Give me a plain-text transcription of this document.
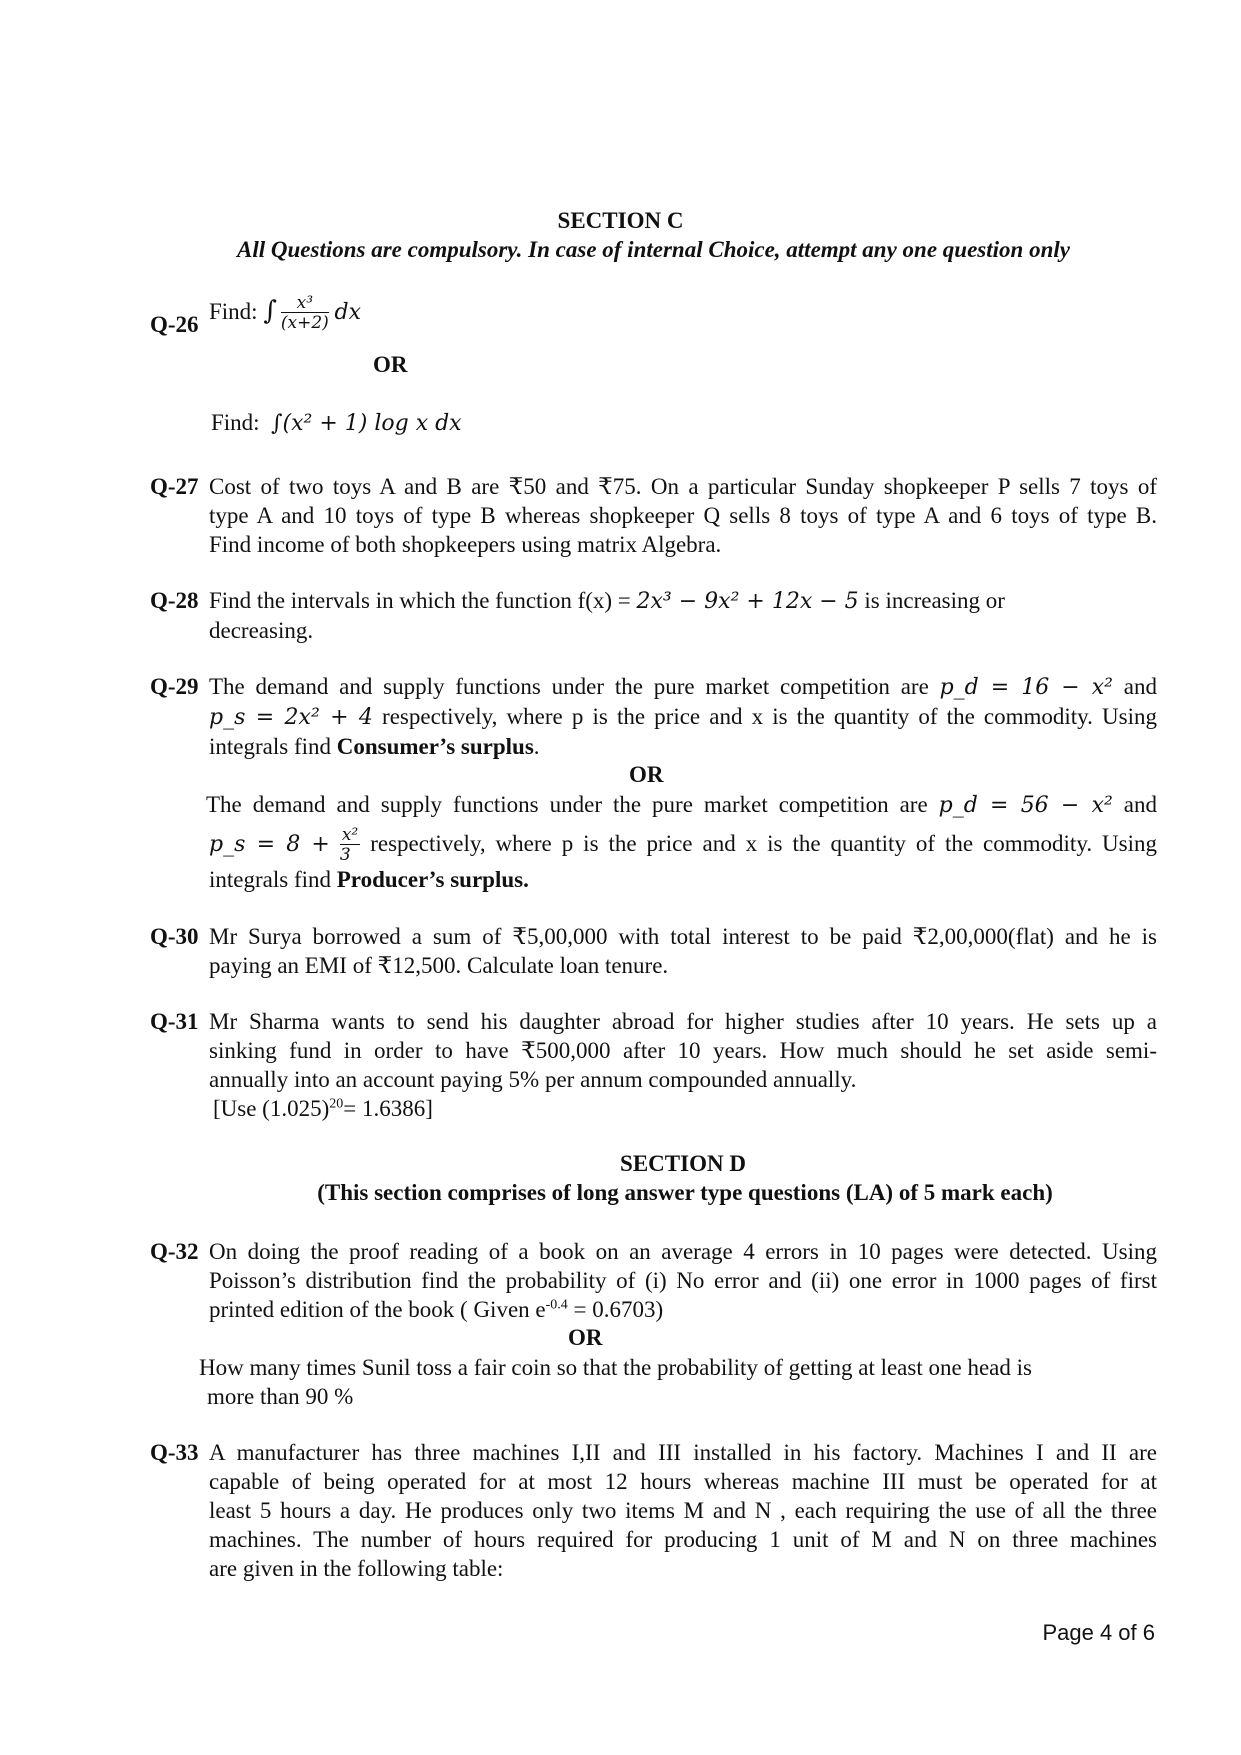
SECTION C
All Questions are compulsory. In case of internal Choice, attempt any one question only
Q-26
Find: ∫ $\frac{\text{x³}}{(x+2)}$ dx
OR
Find: ∫(x² + 1) log x dx
Q-27 Cost of two toys A and B are ₹50 and ₹75. On a particular Sunday shopkeeper P sells 7 toys of
type A and 10 toys of type B whereas shopkeeper Q sells 8 toys of type A and 6 toys of type B.
Find income of both shopkeepers using matrix Algebra.
Q-28 Find the intervals in which the function f(x) = 2x³ − 9x² + 12x − 5 is increasing or
decreasing.
Q-29 The demand and supply functions under the pure market competition are p_d = 16 − x² and
p_s = 2x² + 4 respectively, where p is the price and x is the quantity of the commodity. Using
integrals find Consumer’s surplus.
OR
The demand and supply functions under the pure market competition are p_d = 56 − x² and
p_s = $8 + \frac{\text{x²}}{3}$ respectively, where p is the price and x is the quantity of the commodity. Using
integrals find Producer’s surplus.
Q-30 Mr Surya borrowed a sum of ₹5,00,000 with total interest to be paid ₹2,00,000(flat) and he is
paying an EMI of ₹12,500. Calculate loan tenure.
Q-31 Mr Sharma wants to send his daughter abroad for higher studies after 10 years. He sets up a
sinking fund in order to have ₹500,000 after 10 years. How much should he set aside semi-
annually into an account paying 5% per annum compounded annually.
[Use $(1.025)^{20}= 1.6386$]
SECTION D
(This section comprises of long answer type questions (LA) of 5 mark each)
Q-32 On doing the proof reading of a book on an average 4 errors in 10 pages were detected. Using
Poisson’s distribution find the probability of (i) No error and (ii) one error in 1000 pages of first
printed edition of the book ( Given $e^{-0.4} = 0.6703$)
OR
How many times Sunil toss a fair coin so that the probability of getting at least one head is
more than 90 %
Q-33 A manufacturer has three machines I,II and III installed in his factory. Machines I and II are
capable of being operated for at most 12 hours whereas machine III must be operated for at
least 5 hours a day. He produces only two items M and N , each requiring the use of all the three
machines. The number of hours required for producing 1 unit of M and N on three machines
are given in the following table:
Page 4 of 6
